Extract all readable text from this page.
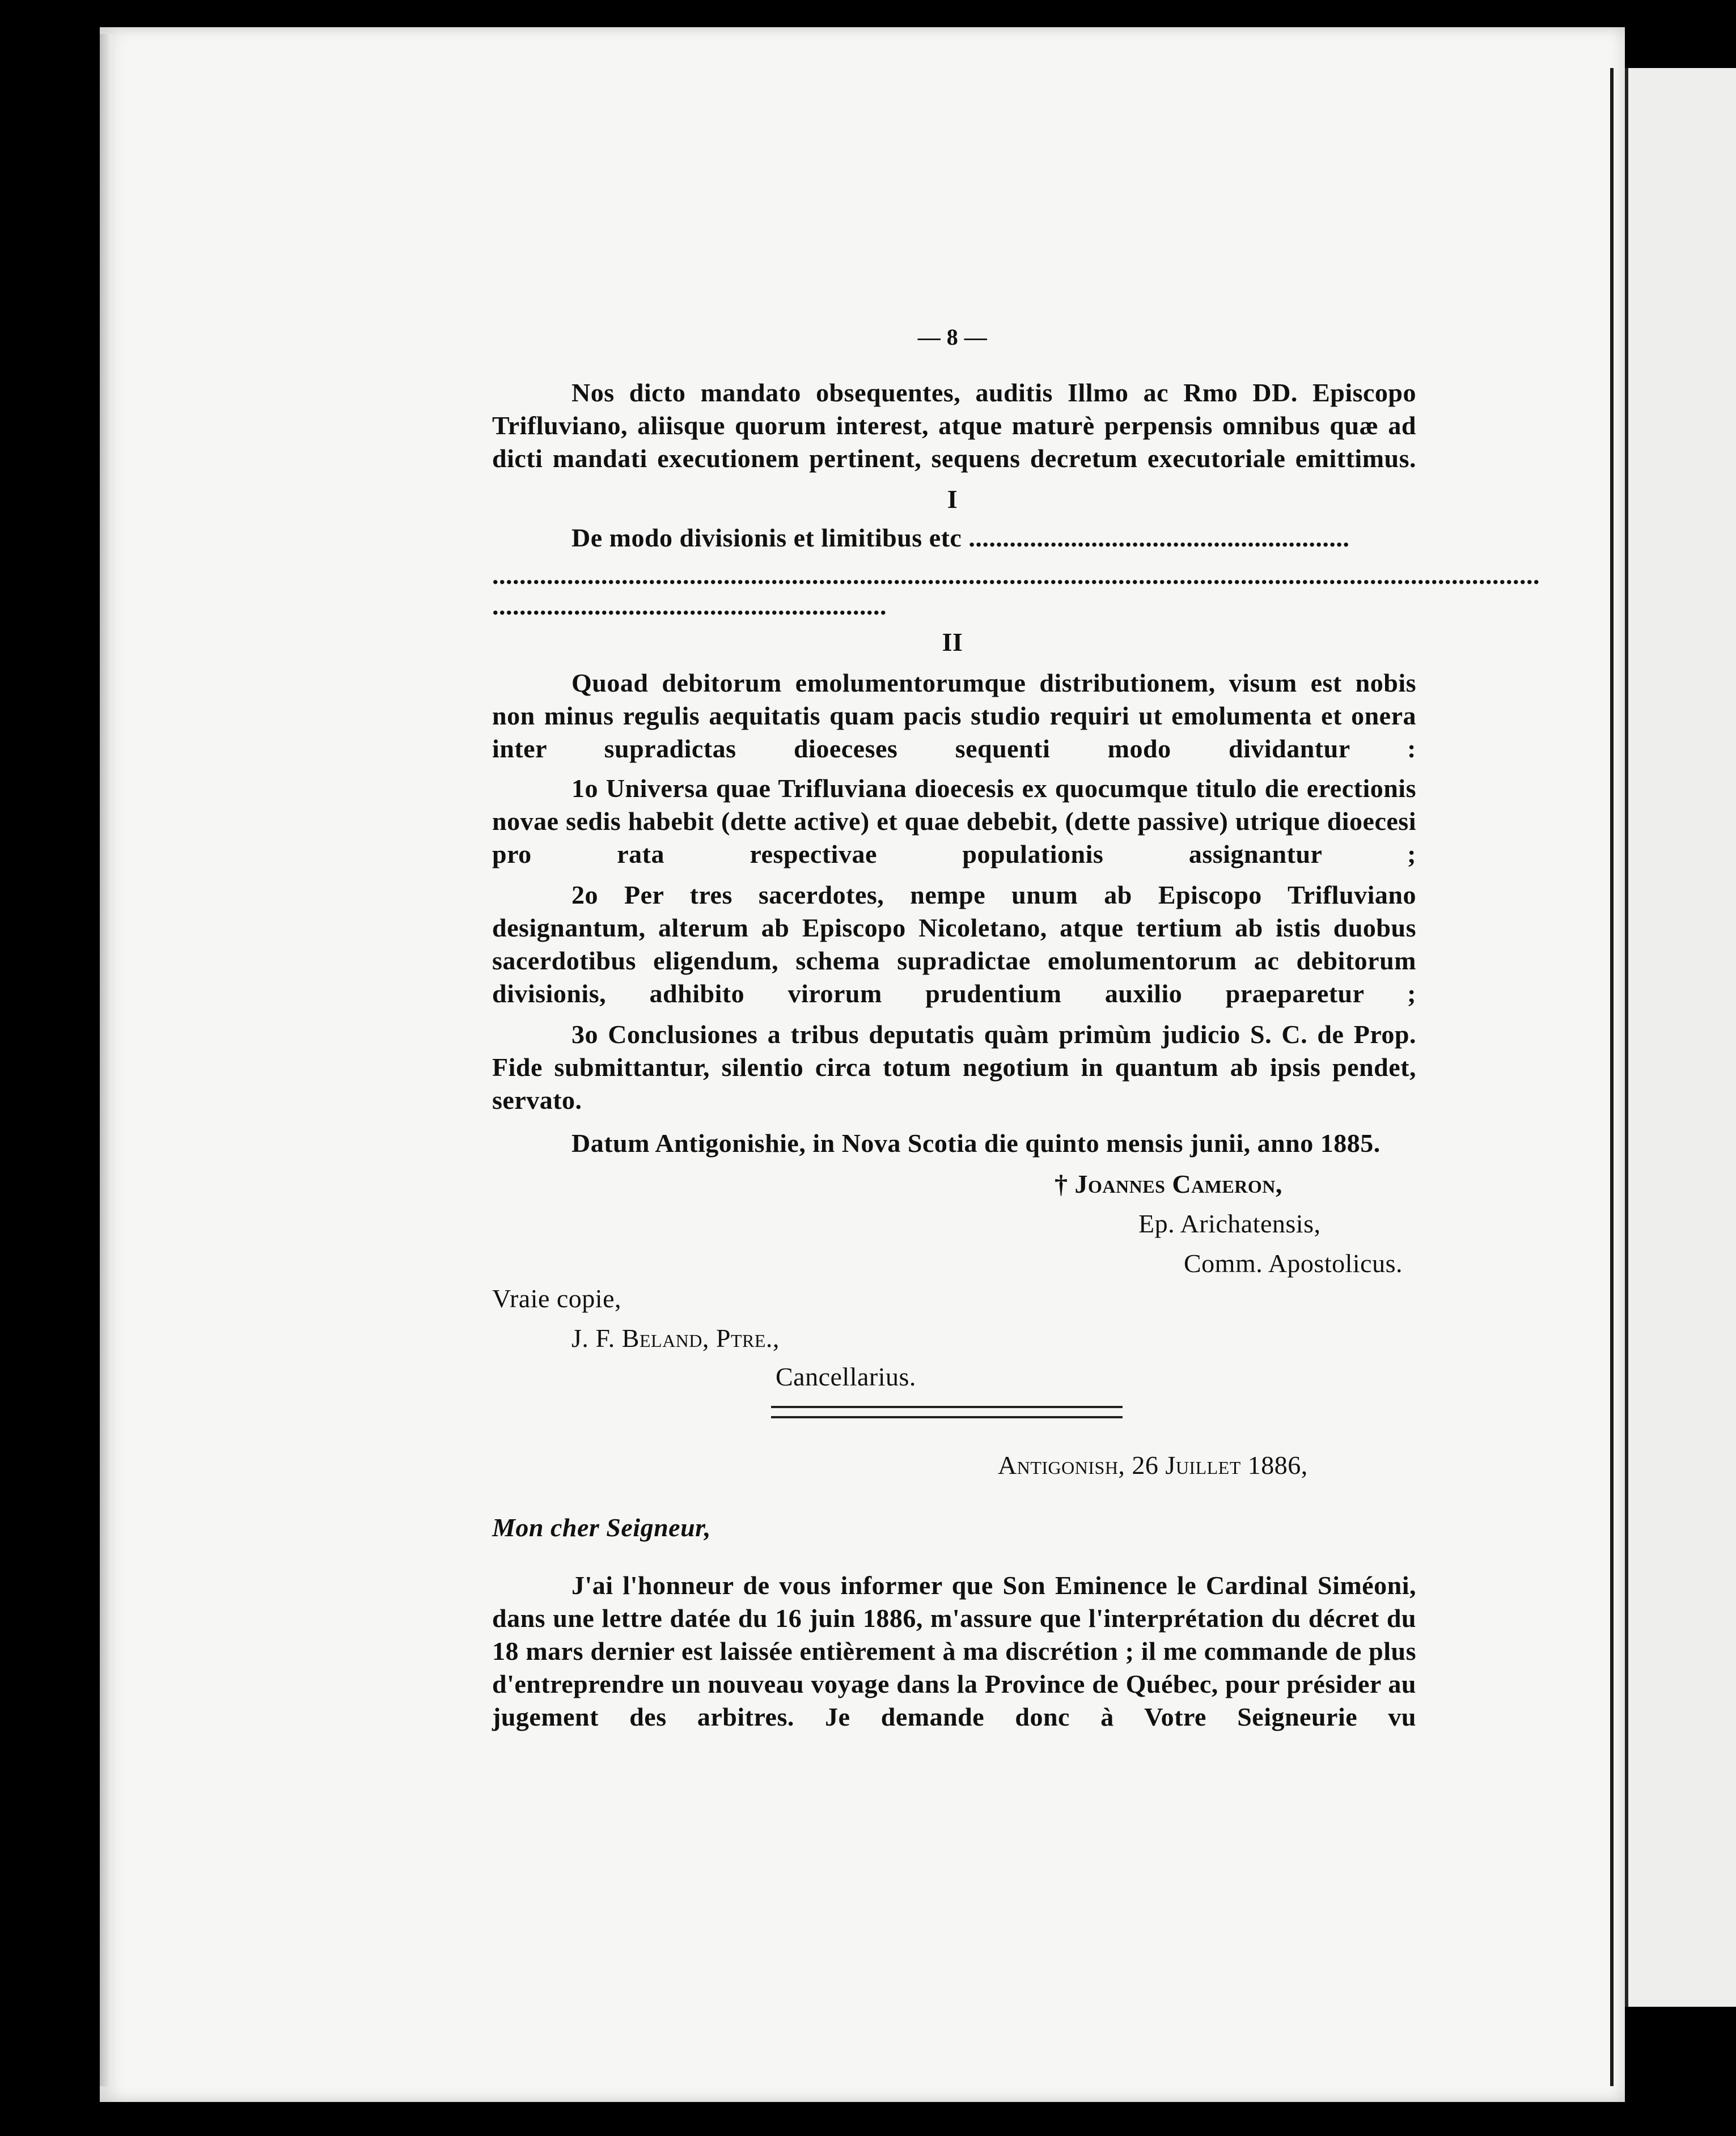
— 8 —
Nos dicto mandato obsequentes, auditis Illmo ac Rmo DD. Episcopo Trifluviano, aliisque quorum interest, atque maturè perpensis omnibus quæ ad dicti mandati executionem pertinent, sequens decretum executoriale emittimus.
I
De modo divisionis et limitibus etc ........................................................
..........................................................................................................................................................
..........................................................
II
Quoad debitorum emolumentorumque distributionem, visum est nobis non minus regulis aequitatis quam pacis studio requiri ut emolumenta et onera inter supradictas dioeceses sequenti modo dividantur :
1o Universa quae Trifluviana dioecesis ex quocumque titulo die erectionis novae sedis habebit (dette active) et quae debebit, (dette passive) utrique dioecesi pro rata respectivae populationis assignantur ;
2o Per tres sacerdotes, nempe unum ab Episcopo Trifluviano designantum, alterum ab Episcopo Nicoletano, atque tertium ab istis duobus sacerdotibus eligendum, schema supradictae emolumentorum ac debitorum divisionis, adhibito virorum prudentium auxilio praeparetur ;
3o Conclusiones a tribus deputatis quàm primùm judicio S. C. de Prop. Fide submittantur, silentio circa totum negotium in quantum ab ipsis pendet, servato.
Datum Antigonishie, in Nova Scotia die quinto mensis junii, anno 1885.
† Joannes Cameron,
Ep. Arichatensis,
Comm. Apostolicus.
Vraie copie,
J. F. Beland, Ptre.,
Cancellarius.
Antigonish, 26 Juillet 1886,
Mon cher Seigneur,
J'ai l'honneur de vous informer que Son Eminence le Cardinal Siméoni, dans une lettre datée du 16 juin 1886, m'assure que l'interprétation du décret du 18 mars dernier est laissée entièrement à ma discrétion ; il me commande de plus d'entreprendre un nouveau voyage dans la Province de Québec, pour présider au jugement des arbitres. Je demande donc à Votre Seigneurie vu
